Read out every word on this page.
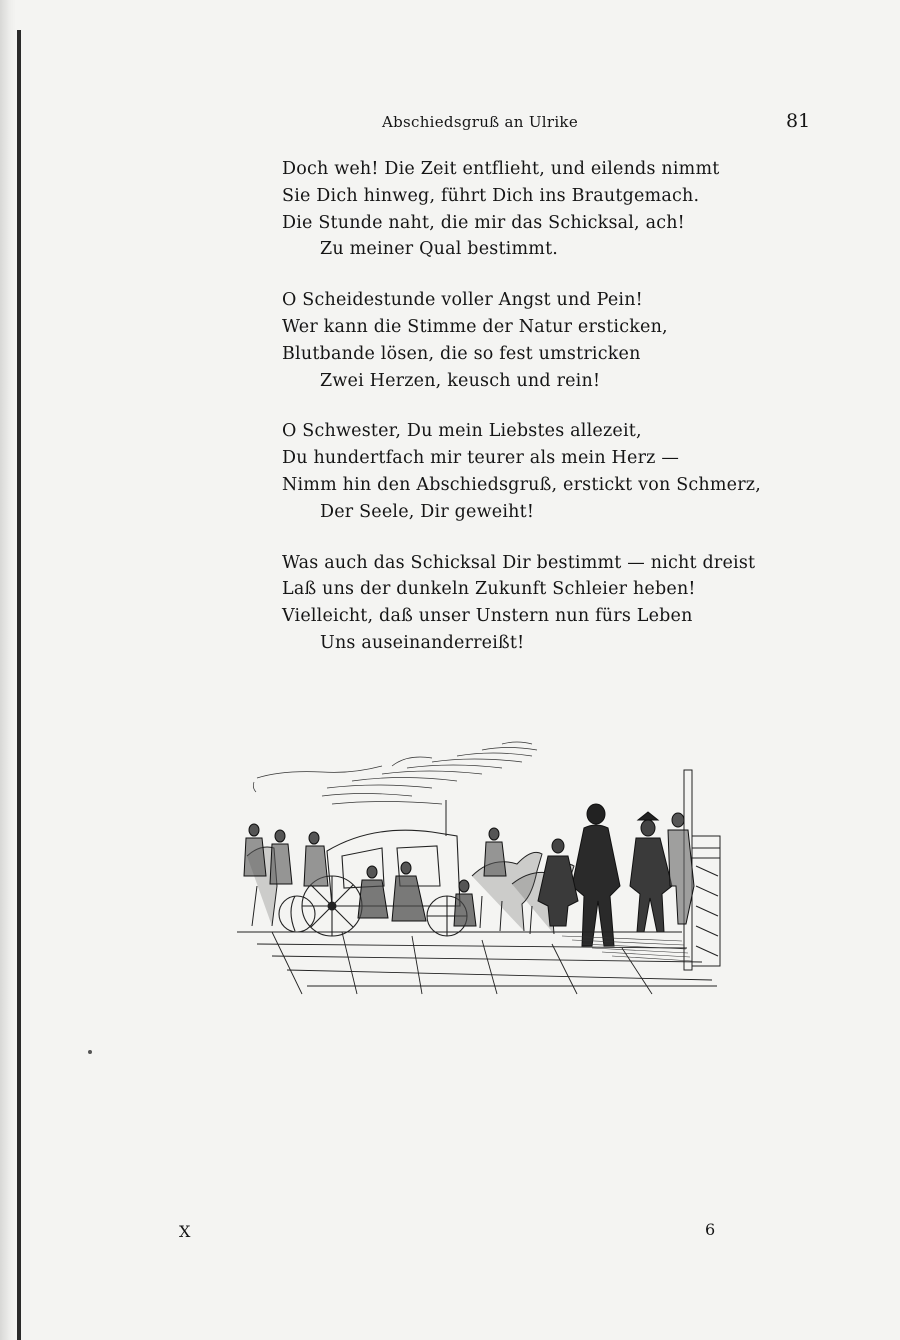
Abschiedsgruß an Ulrike	81
Doch weh! Die Zeit entflieht, und eilends nimmt
Sie Dich hinweg, führt Dich ins Brautgemach.
Die Stunde naht, die mir das Schicksal, ach!
Zu meiner Qual bestimmt.
O Scheidestunde voller Angst und Pein!
Wer kann die Stimme der Natur ersticken,
Blutbande lösen, die so fest umstricken
Zwei Herzen, keusch und rein!
O Schwester, Du mein Liebstes allezeit,
Du hundertfach mir teurer als mein Herz —
Nimm hin den Abschiedsgruß, erstickt von Schmerz,
Der Seele, Dir geweiht!
Was auch das Schicksal Dir bestimmt — nicht dreist
Laß uns der dunkeln Zukunft Schleier heben!
Vielleicht, daß unser Unstern nun fürs Leben
Uns auseinanderreißt!
X	6
